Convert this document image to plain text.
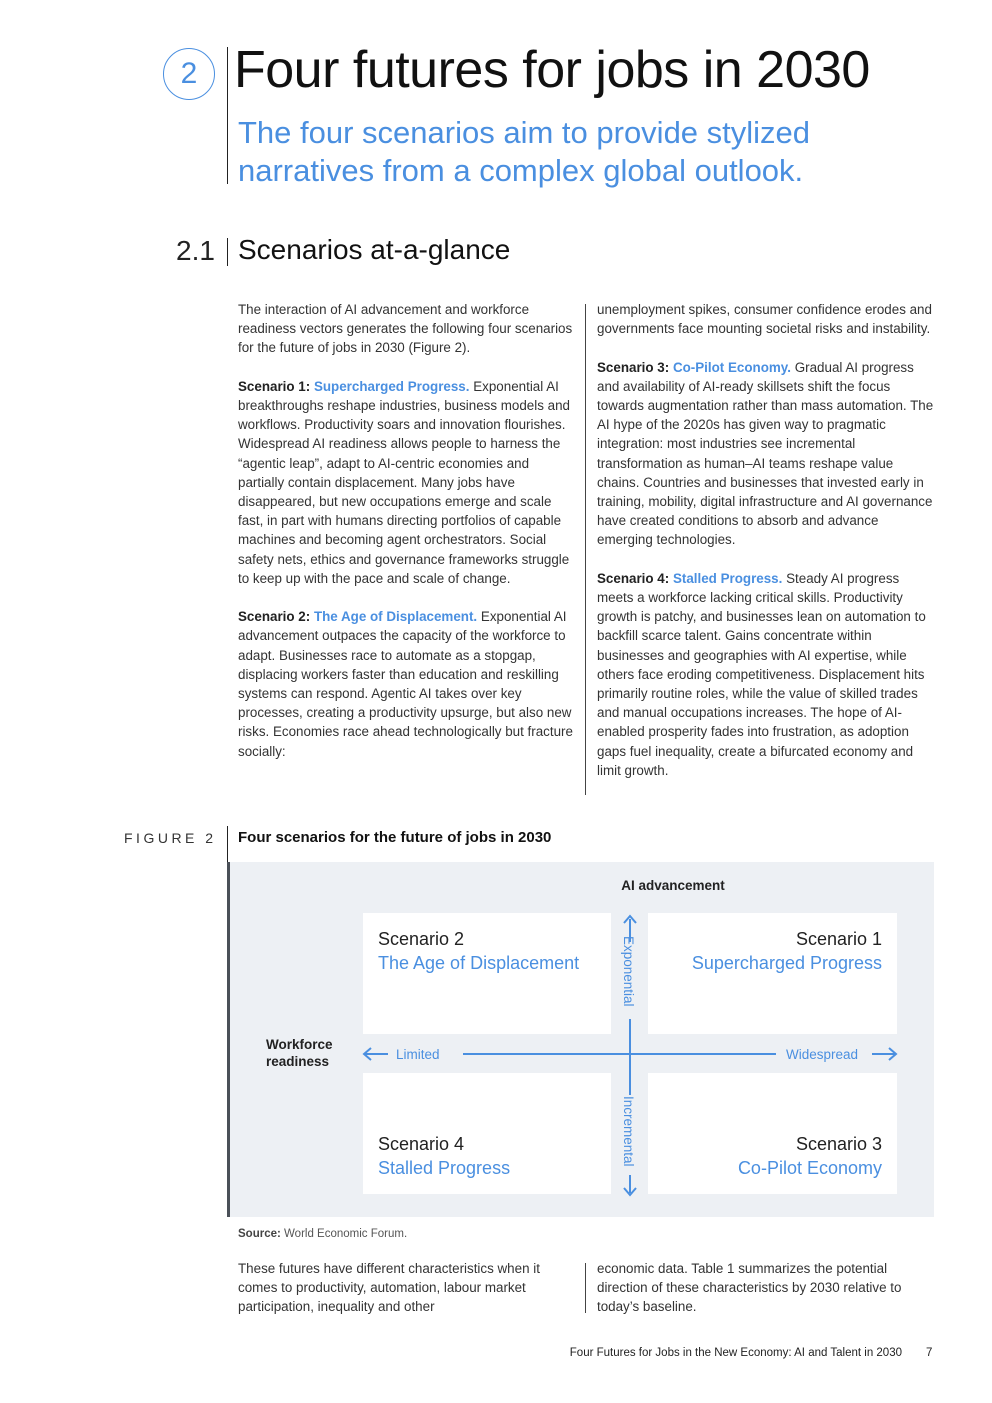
2 Four futures for jobs in 2030
The four scenarios aim to provide stylized narratives from a complex global outlook.
2.1 Scenarios at-a-glance

The interaction of AI advancement and workforce readiness vectors generates the following four scenarios for the future of jobs in 2030 (Figure 2).

Scenario 1: Supercharged Progress. Exponential AI breakthroughs reshape industries, business models and workflows. Productivity soars and innovation flourishes. Widespread AI readiness allows people to harness the “agentic leap”, adapt to AI-centric economies and partially contain displacement. Many jobs have disappeared, but new occupations emerge and scale fast, in part with humans directing portfolios of capable machines and becoming agent orchestrators. Social safety nets, ethics and governance frameworks struggle to keep up with the pace and scale of change.

Scenario 2: The Age of Displacement. Exponential AI advancement outpaces the capacity of the workforce to adapt. Businesses race to automate as a stopgap, displacing workers faster than education and reskilling systems can respond. Agentic AI takes over key processes, creating a productivity upsurge, but also new risks. Economies race ahead technologically but fracture socially:

unemployment spikes, consumer confidence erodes and governments face mounting societal risks and instability.

Scenario 3: Co-Pilot Economy. Gradual AI progress and availability of AI-ready skillsets shift the focus towards augmentation rather than mass automation. The AI hype of the 2020s has given way to pragmatic integration: most industries see incremental transformation as human–AI teams reshape value chains. Countries and businesses that invested early in training, mobility, digital infrastructure and AI governance have created conditions to absorb and advance emerging technologies.

Scenario 4: Stalled Progress. Steady AI progress meets a workforce lacking critical skills. Productivity growth is patchy, and businesses lean on automation to backfill scarce talent. Gains concentrate within businesses and geographies with AI expertise, while others face eroding competitiveness. Displacement hits primarily routine roles, while the value of skilled trades and manual occupations increases. The hope of AI-enabled prosperity fades into frustration, as adoption gaps fuel inequality, create a bifurcated economy and limit growth.

FIGURE 2 Four scenarios for the future of jobs in 2030
AI advancement
Workforce readiness
Scenario 2
The Age of Displacement
Scenario 1
Supercharged Progress
Scenario 4
Stalled Progress
Scenario 3
Co-Pilot Economy
Exponential
Incremental
Limited	Widespread
Source: World Economic Forum.

These futures have different characteristics when it comes to productivity, automation, labour market participation, inequality and other

economic data. Table 1 summarizes the potential direction of these characteristics by 2030 relative to today’s baseline.

Four Futures for Jobs in the New Economy: AI and Talent in 2030 7
